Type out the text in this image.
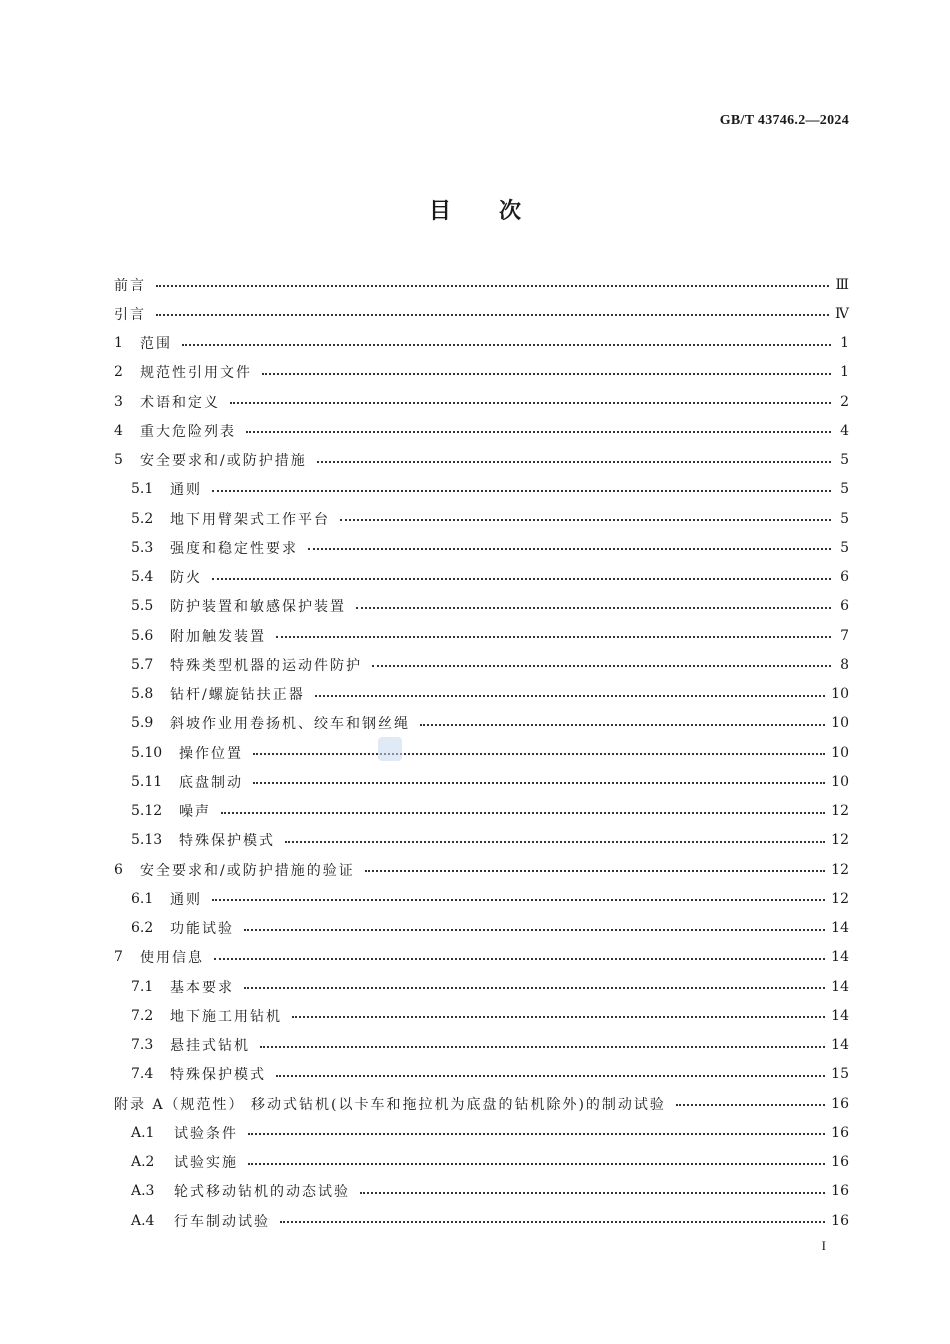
GB/T 43746.2—2024
目次
前言	Ⅲ
引言	Ⅳ
1	范围	1
2	规范性引用文件	1
3	术语和定义	2
4	重大危险列表	4
5	安全要求和/或防护措施	5
5.1	通则	5
5.2	地下用臂架式工作平台	5
5.3	强度和稳定性要求	5
5.4	防火	6
5.5	防护装置和敏感保护装置	6
5.6	附加触发装置	7
5.7	特殊类型机器的运动件防护	8
5.8	钻杆/螺旋钻扶正器	10
5.9	斜坡作业用卷扬机、绞车和钢丝绳	10
5.10	操作位置	10
5.11	底盘制动	10
5.12	噪声	12
5.13	特殊保护模式	12
6	安全要求和/或防护措施的验证	12
6.1	通则	12
6.2	功能试验	14
7	使用信息	14
7.1	基本要求	14
7.2	地下施工用钻机	14
7.3	悬挂式钻机	14
7.4	特殊保护模式	15
附录 A（规范性） 移动式钻机(以卡车和拖拉机为底盘的钻机除外)的制动试验	16
A.1	试验条件	16
A.2	试验实施	16
A.3	轮式移动钻机的动态试验	16
A.4	行车制动试验	16
I
